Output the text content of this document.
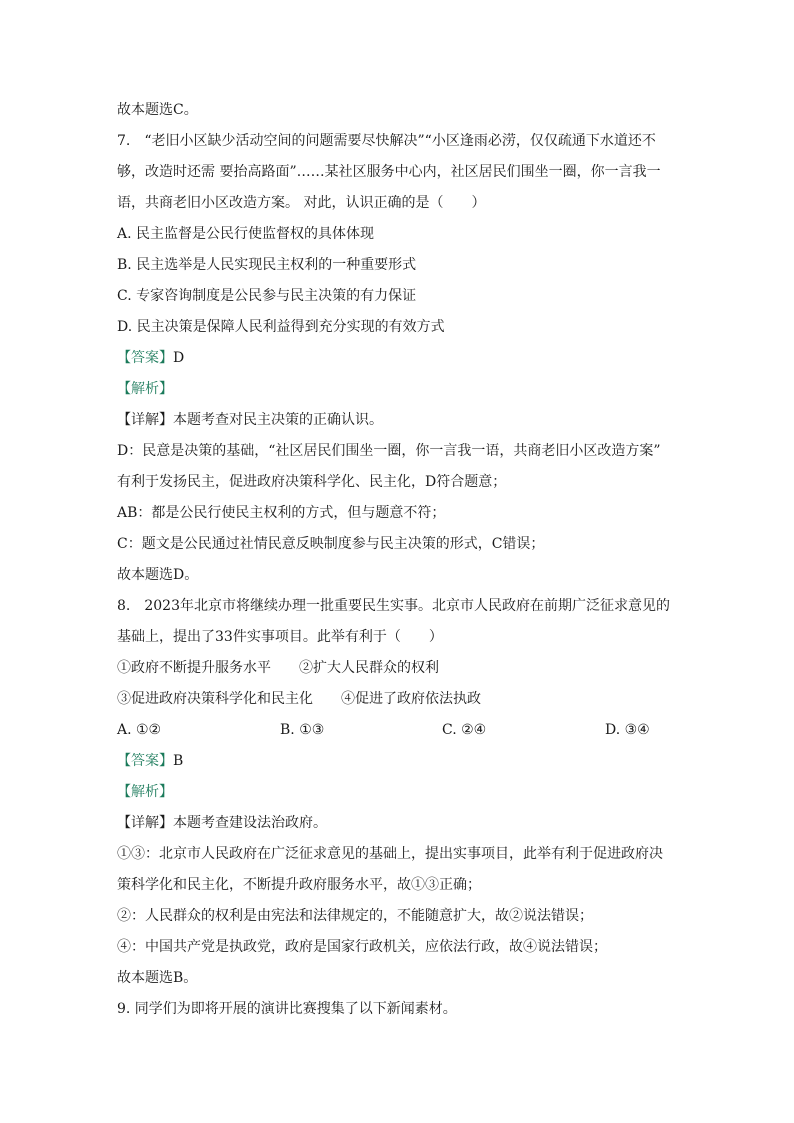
故本题选C。

7.　“老旧小区缺少活动空间的问题需要尽快解决”“小区逢雨必涝，仅仅疏通下水道还不

够，改造时还需 要抬高路面”……某社区服务中心内，社区居民们围坐一圈，你一言我一

语，共商老旧小区改造方案。 对此，认识正确的是（　　）

A. 民主监督是公民行使监督权的具体体现

B. 民主选举是人民实现民主权利的一种重要形式

C. 专家咨询制度是公民参与民主决策的有力保证

D. 民主决策是保障人民利益得到充分实现的有效方式

【答案】D

【解析】

【详解】本题考查对民主决策的正确认识。

D：民意是决策的基础，“社区居民们围坐一圈，你一言我一语，共商老旧小区改造方案”

有利于发扬民主，促进政府决策科学化、民主化，D符合题意；

AB：都是公民行使民主权利的方式，但与题意不符；

C：题文是公民通过社情民意反映制度参与民主决策的形式，C错误；

故本题选D。

8.　2023年北京市将继续办理一批重要民生实事。北京市人民政府在前期广泛征求意见的

基础上，提出了33件实事项目。此举有利于（　　）

①政府不断提升服务水平　　②扩大人民群众的权利

③促进政府决策科学化和民主化　　④促进了政府依法执政

A. ①②	B. ①③	C. ②④	D. ③④

【答案】B

【解析】

【详解】本题考查建设法治政府。

①③：北京市人民政府在广泛征求意见的基础上，提出实事项目，此举有利于促进政府决

策科学化和民主化，不断提升政府服务水平，故①③正确；

②：人民群众的权利是由宪法和法律规定的，不能随意扩大，故②说法错误；

④：中国共产党是执政党，政府是国家行政机关，应依法行政，故④说法错误；

故本题选B。

9. 同学们为即将开展的演讲比赛搜集了以下新闻素材。
